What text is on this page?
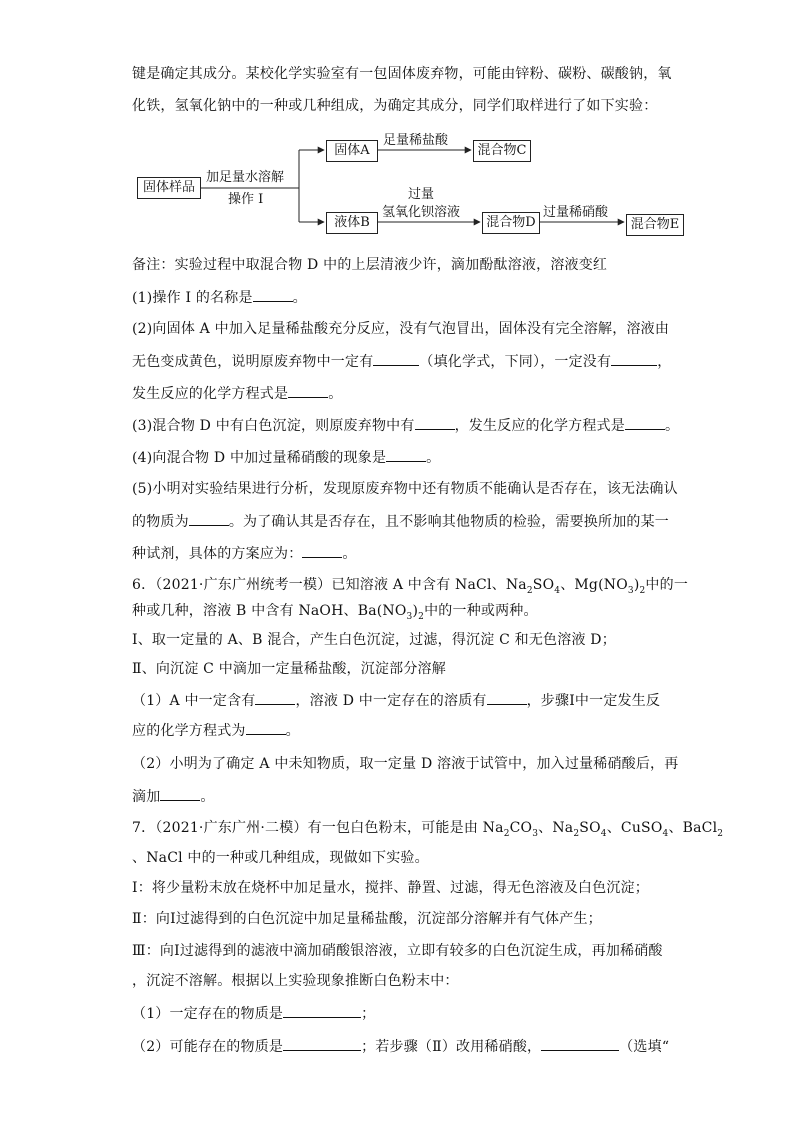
键是确定其成分。某校化学实验室有一包固体废弃物，可能由锌粉、碳粉、碳酸钠，氧
化铁，氢氧化钠中的一种或几种组成，为确定其成分，同学们取样进行了如下实验：
固体样品
加足量水溶解
操作 I
固体A
足量稀盐酸
混合物C
液体B
过量
氢氧化钡溶液
混合物D
过量稀硝酸
混合物E
备注：实验过程中取混合物 D 中的上层清液少许，滴加酚酞溶液，溶液变红
(1)操作 I 的名称是	。
(2)向固体 A 中加入足量稀盐酸充分反应，没有气泡冒出，固体没有完全溶解，溶液由
无色变成黄色，说明原废弃物中一定有	（填化学式，下同），一定没有	，
发生反应的化学方程式是	。
(3)混合物 D 中有白色沉淀，则原废弃物中有	，发生反应的化学方程式是	。
(4)向混合物 D 中加过量稀硝酸的现象是	。
(5)小明对实验结果进行分析，发现原废弃物中还有物质不能确认是否存在，该无法确认
的物质为	。为了确认其是否存在，且不影响其他物质的检验，需要换所加的某一
种试剂，具体的方案应为：	。
6．（2021·广东广州统考一模）已知溶液 A 中含有 NaCl、$Na_2SO_4$、$Mg(NO_3)_2$中的一
种或几种，溶液 B 中含有 NaOH、$Ba(NO_3)_2$中的一种或两种。
Ⅰ、取一定量的 A、B 混合，产生白色沉淀，过滤，得沉淀 C 和无色溶液 D；
Ⅱ、向沉淀 C 中滴加一定量稀盐酸，沉淀部分溶解
（1）A 中一定含有	，溶液 D 中一定存在的溶质有	，步骤Ⅰ中一定发生反
应的化学方程式为	。
（2）小明为了确定 A 中未知物质，取一定量 D 溶液于试管中，加入过量稀硝酸后，再
滴加	。
7．（2021·广东广州·二模）有一包白色粉末，可能是由 $Na_2CO_3$、$Na_2SO_4$、CuSO$_4$、BaCl$_2$
、NaCl 中的一种或几种组成，现做如下实验。
Ⅰ：将少量粉末放在烧杯中加足量水，搅拌、静置、过滤，得无色溶液及白色沉淀；
Ⅱ：向Ⅰ过滤得到的白色沉淀中加足量稀盐酸，沉淀部分溶解并有气体产生；
Ⅲ：向Ⅰ过滤得到的滤液中滴加硝酸银溶液，立即有较多的白色沉淀生成，再加稀硝酸
，沉淀不溶解。根据以上实验现象推断白色粉末中：
（1）一定存在的物质是	；
（2）可能存在的物质是	；若步骤（Ⅱ）改用稀硝酸，	（选填“
